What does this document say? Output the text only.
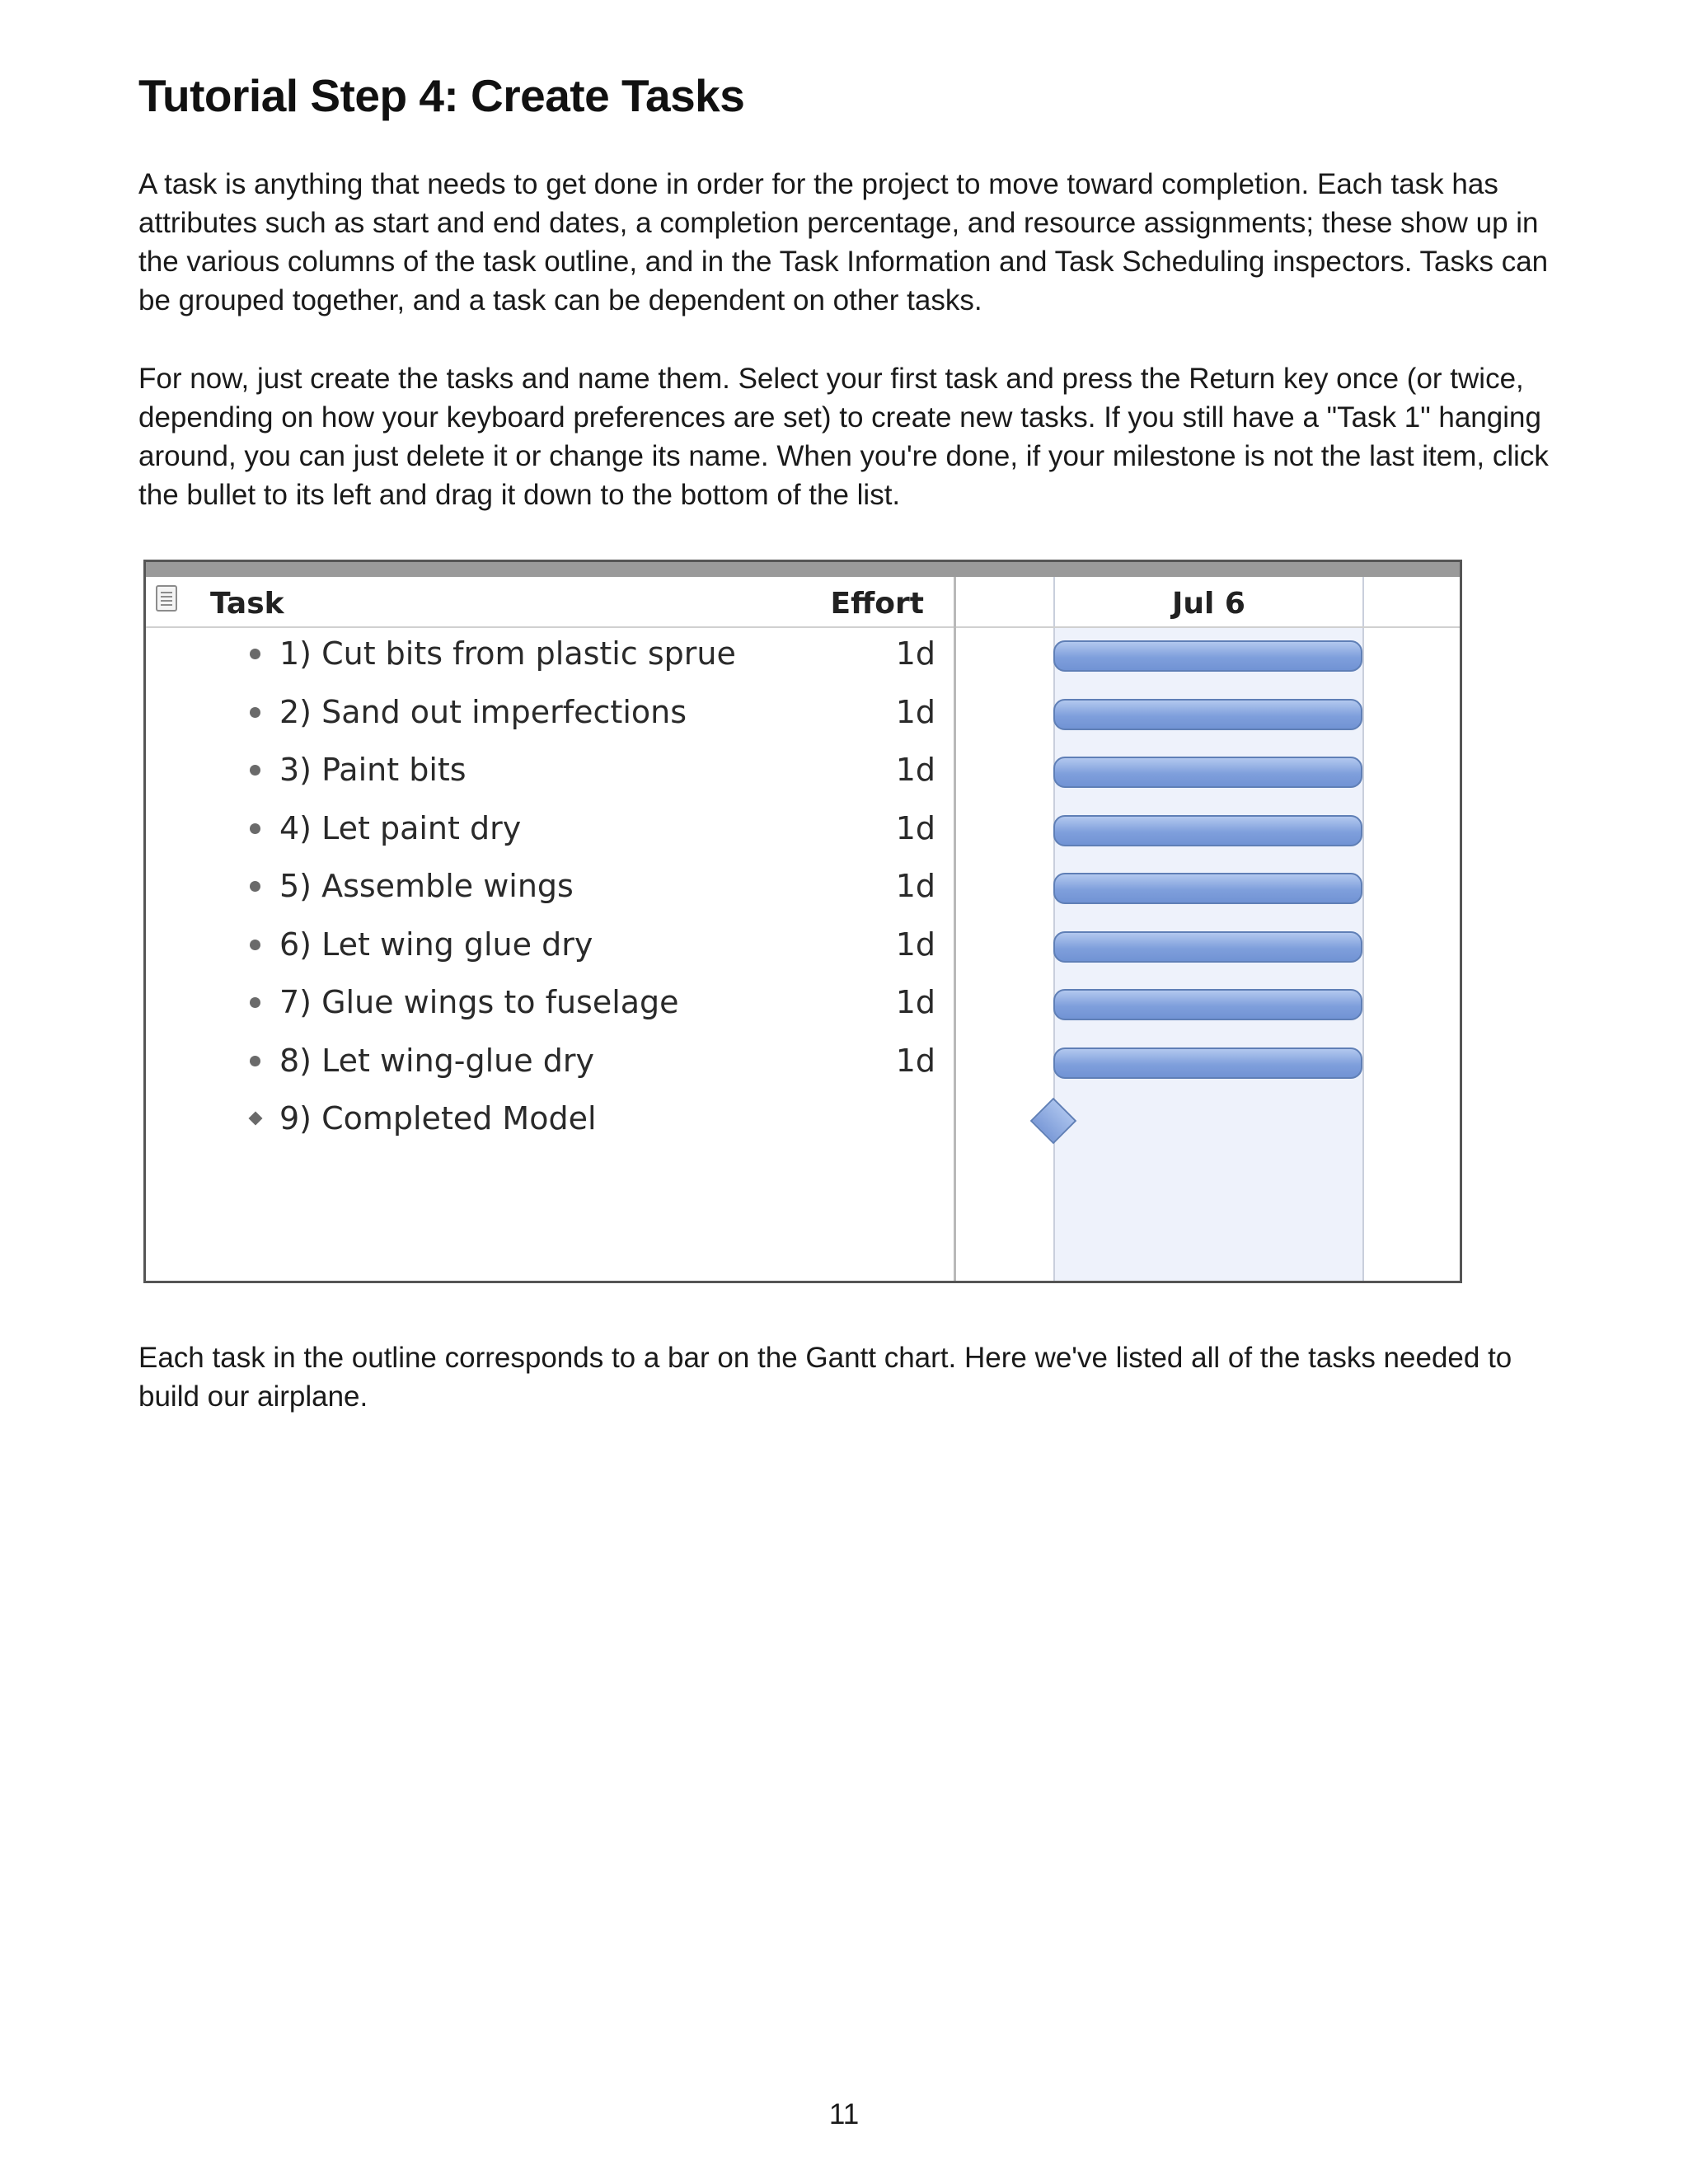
Tutorial Step 4: Create Tasks
A task is anything that needs to get done in order for the project to move toward completion. Each task has attributes such as start and end dates, a completion percentage, and resource assignments; these show up in the various columns of the task outline, and in the Task Information and Task Scheduling inspectors. Tasks can be grouped together, and a task can be dependent on other tasks.
For now, just create the tasks and name them. Select your first task and press the Return key once (or twice, depending on how your keyboard preferences are set) to create new tasks. If you still have a "Task 1" hanging around, you can just delete it or change its name. When you're done, if your milestone is not the last item, click the bullet to its left and drag it down to the bottom of the list.
Task	Effort
1) Cut bits from plastic sprue	1d
2) Sand out imperfections	1d
3) Paint bits	1d
4) Let paint dry	1d
5) Assemble wings	1d
6) Let wing glue dry	1d
7) Glue wings to fuselage	1d
8) Let wing-glue dry	1d
9) Completed Model
Jul 6
Each task in the outline corresponds to a bar on the Gantt chart. Here we've listed all of the tasks needed to build our airplane.
11
